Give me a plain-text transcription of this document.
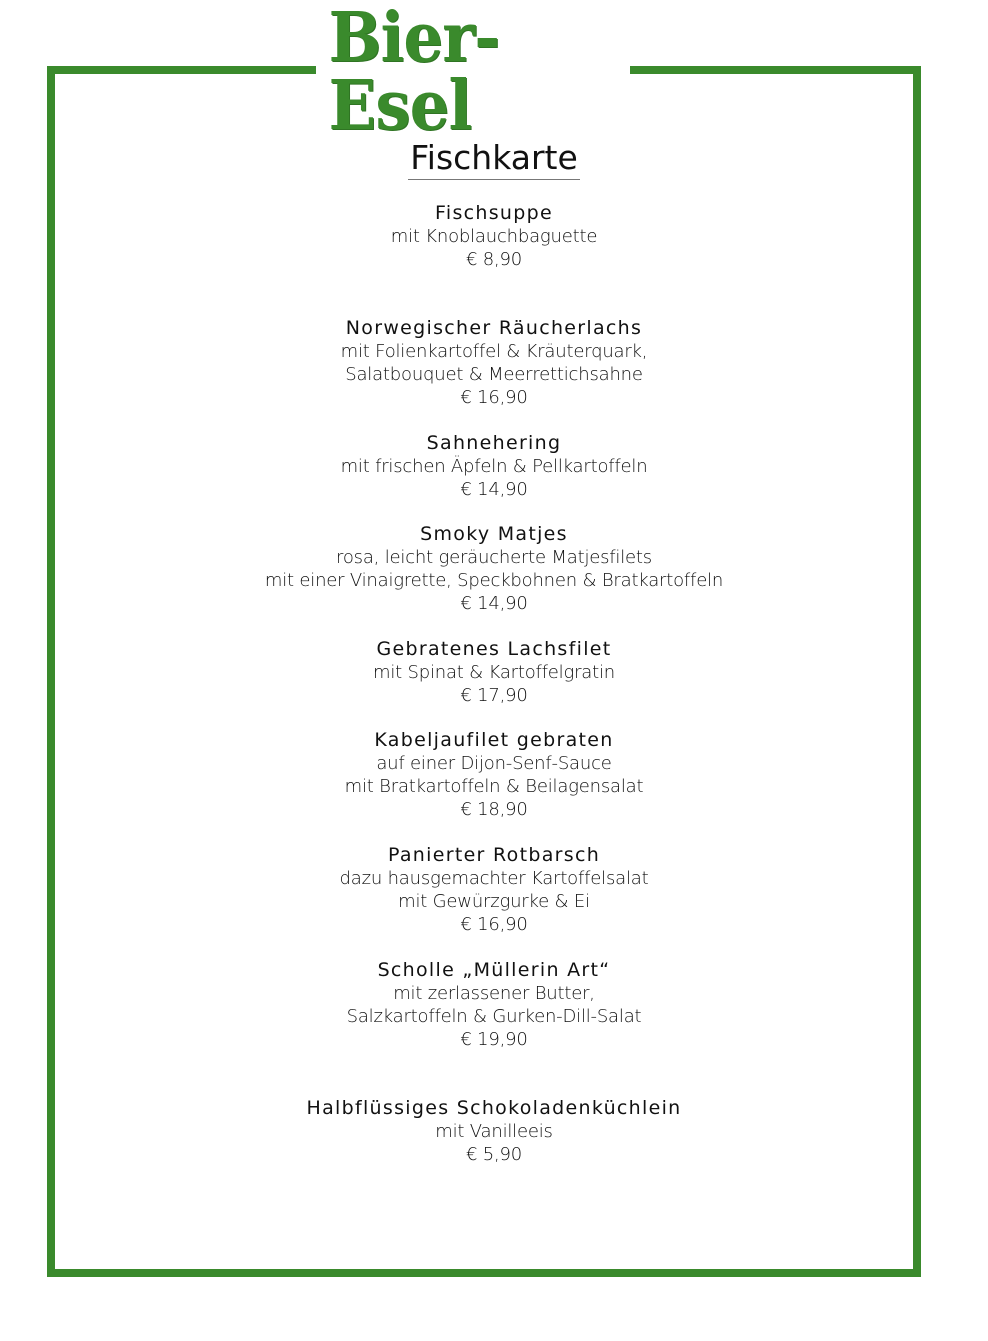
Bier-Esel
Fischkarte
Fischsuppe
mit Knoblauchbaguette
€ 8,90
Norwegischer Räucherlachs
mit Folienkartoffel & Kräuterquark,
Salatbouquet & Meerrettichsahne
€ 16,90
Sahnehering
mit frischen Äpfeln & Pellkartoffeln
€ 14,90
Smoky Matjes
rosa, leicht geräucherte Matjesfilets
mit einer Vinaigrette, Speckbohnen & Bratkartoffeln
€ 14,90
Gebratenes Lachsfilet
mit Spinat & Kartoffelgratin
€ 17,90
Kabeljaufilet gebraten
auf einer Dijon-Senf-Sauce
mit Bratkartoffeln & Beilagensalat
€ 18,90
Panierter Rotbarsch
dazu hausgemachter Kartoffelsalat
mit Gewürzgurke & Ei
€ 16,90
Scholle „Müllerin Art“
mit zerlassener Butter,
Salzkartoffeln & Gurken-Dill-Salat
€ 19,90
Halbflüssiges Schokoladenküchlein
mit Vanilleeis
€ 5,90
